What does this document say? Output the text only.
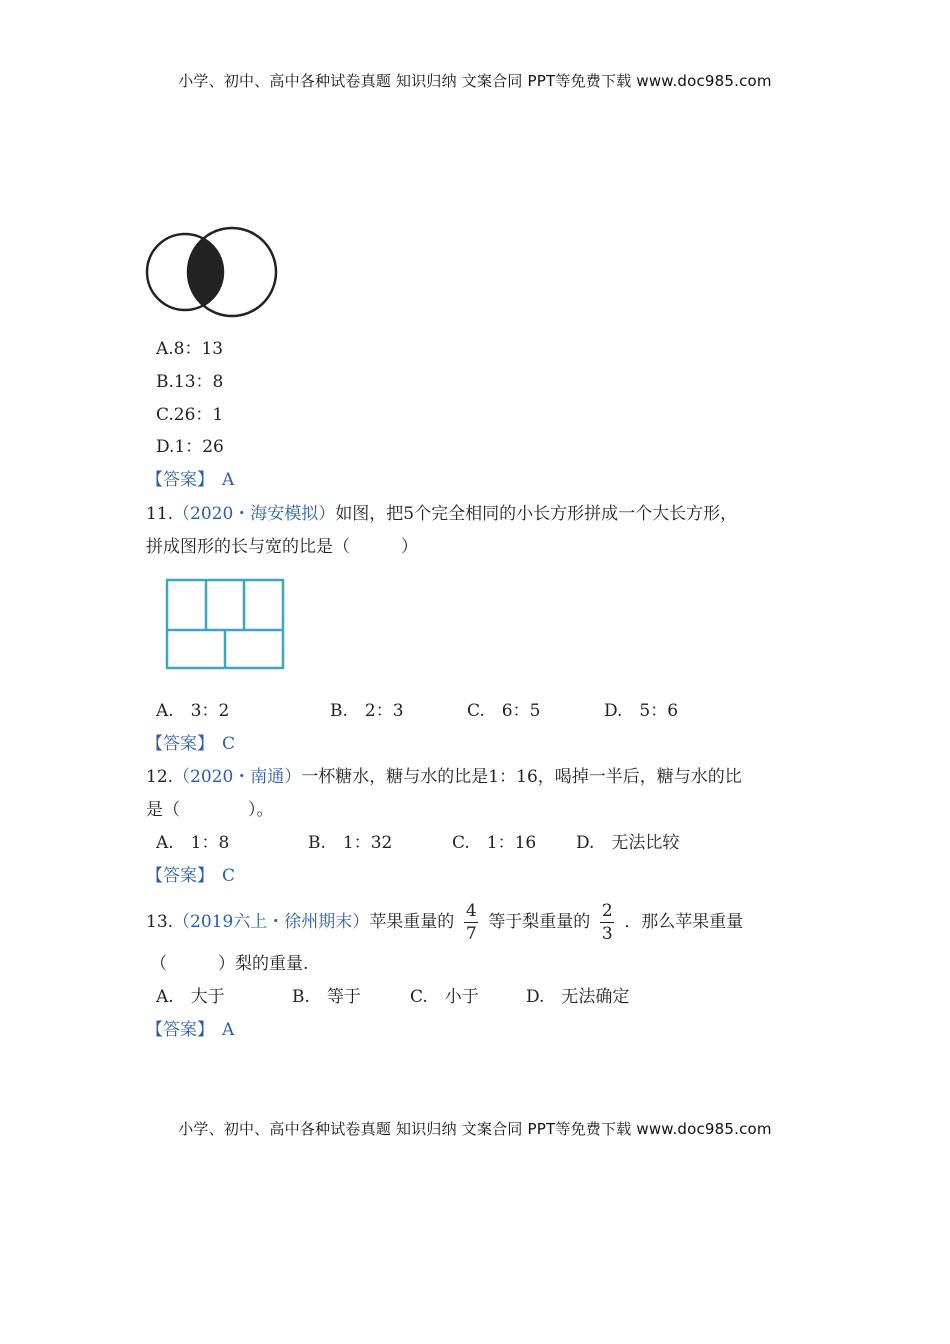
小学、初中、高中各种试卷真题 知识归纳 文案合同 PPT等免费下载 www.doc985.com
A.8：13
B.13：8
C.26：1
D.1：26
【答案】 A
11.（2020・海安模拟）如图，把5个完全相同的小长方形拼成一个大长方形，
拼成图形的长与宽的比是（　　　）
A.　3：2	B.　2：3	C.　6：5	D.　5：6
【答案】 C
12.（2020・南通）一杯糖水，糖与水的比是1：16，喝掉一半后，糖与水的比
是（　　　　）。
A.　1：8	B.　1：32	C.　1：16 D.　无法比较
【答案】 C
13.（2019六上・徐州期末）苹果重量的 $\frac{4}{7}$ 等于梨重量的 $\frac{2}{3}$ ．那么苹果重量
（　　　）梨的重量.
A.　大于	B.　等于	C.　小于	D.　无法确定
【答案】 A
小学、初中、高中各种试卷真题 知识归纳 文案合同 PPT等免费下载 www.doc985.com
